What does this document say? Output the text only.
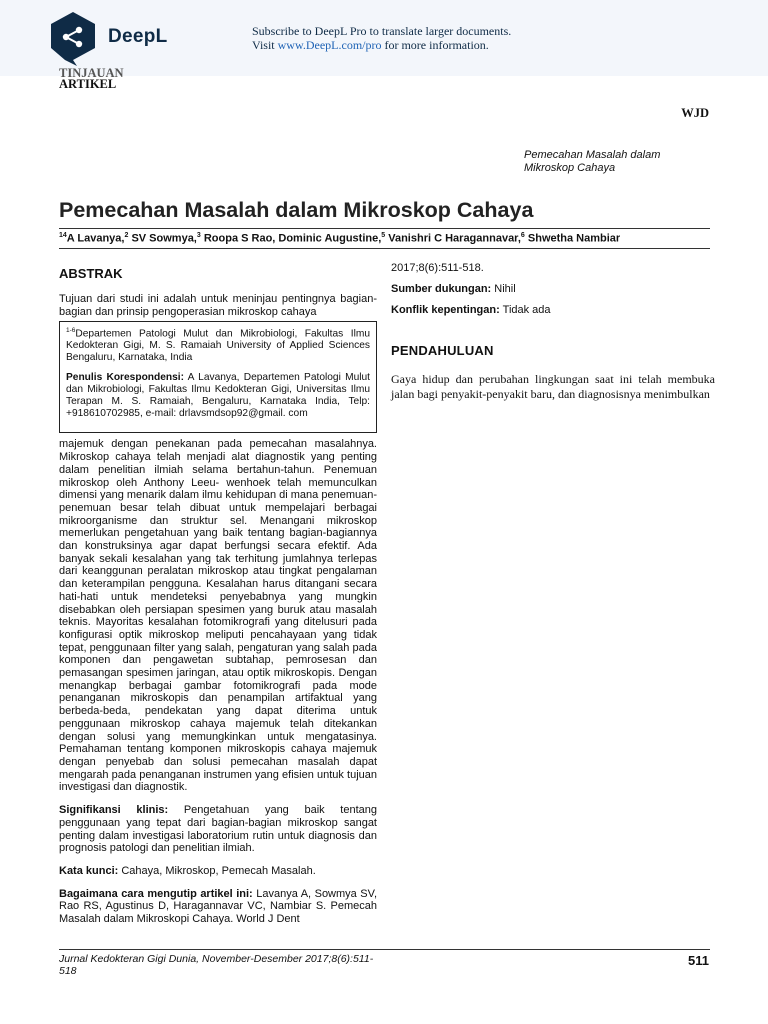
DeepL	Subscribe to DeepL Pro to translate larger documents.
Visit www.DeepL.com/pro for more information.
TINJAUAN
ARTIKEL
WJD
Pemecahan Masalah dalam
Mikroskop Cahaya
Pemecahan Masalah dalam Mikroskop Cahaya
$^{14}$A Lavanya,$^2$ SV Sowmya,$^3$ Roopa S Rao, Dominic Augustine,$^5$ Vanishri C Haragannavar,$^6$ Shwetha Nambiar
ABSTRAK

Tujuan dari studi ini adalah untuk meninjau pentingnya bagian-bagian dan prinsip pengoperasian mikroskop cahaya

majemuk dengan penekanan pada pemecahan masalahnya. Mikroskop cahaya telah menjadi alat diagnostik yang penting dalam penelitian ilmiah selama bertahun-tahun. Penemuan mikroskop oleh Anthony Leeu- wenhoek telah memunculkan dimensi yang menarik dalam ilmu kehidupan di mana penemuan-penemuan besar telah dibuat untuk mempelajari berbagai mikroorganisme dan struktur sel. Menangani mikroskop memerlukan pengetahuan yang baik tentang bagian-bagiannya dan konstruksinya agar dapat berfungsi secara efektif. Ada banyak sekali kesalahan yang tak terhitung jumlahnya terlepas dari keanggunan peralatan mikroskop atau tingkat pengalaman dan keterampilan pengguna. Kesalahan harus ditangani secara hati-hati untuk mendeteksi penyebabnya yang mungkin disebabkan oleh persiapan spesimen yang buruk atau masalah teknis. Mayoritas kesalahan fotomikrografi yang ditelusuri pada konfigurasi optik mikroskop meliputi pencahayaan yang tidak tepat, penggunaan filter yang salah, pengaturan yang salah pada komponen dan pengawetan subtahap, pemrosesan dan pemasangan spesimen jaringan, atau optik mikroskopis. Dengan menangkap berbagai gambar fotomikrografi pada mode penanganan mikroskopis dan penampilan artifaktual yang berbeda-beda, pendekatan yang dapat diterima untuk penggunaan mikroskop cahaya majemuk telah ditekankan dengan solusi yang memungkinkan untuk mengatasinya. Pemahaman tentang komponen mikroskopis cahaya majemuk dengan penyebab dan solusi pemecahan masalah dapat mengarah pada penanganan instrumen yang efisien untuk tujuan investigasi dan diagnostik.

Signifikansi klinis: Pengetahuan yang baik tentang penggunaan yang tepat dari bagian-bagian mikroskop sangat penting dalam investigasi laboratorium rutin untuk diagnosis dan prognosis patologi dan penelitian ilmiah.

Kata kunci: Cahaya, Mikroskop, Pemecah Masalah.

Bagaimana cara mengutip artikel ini: Lavanya A, Sowmya SV, Rao RS, Agustinus D, Haragannavar VC, Nambiar S. Pemecah Masalah dalam Mikroskopi Cahaya. World J Dent

$^{1-6}$Departemen Patologi Mulut dan Mikrobiologi, Fakultas Ilmu Kedokteran Gigi, M. S. Ramaiah University of Applied Sciences Bengaluru, Karnataka, India

Penulis Korespondensi: A Lavanya, Departemen Patologi Mulut dan Mikrobiologi, Fakultas Ilmu Kedokteran Gigi, Universitas Ilmu Terapan M. S. Ramaiah, Bengaluru, Karnataka India, Telp: +918610702985, e-mail: drlavsmdsop92@gmail. com

2017;8(6):511-518.

Sumber dukungan: Nihil

Konflik kepentingan: Tidak ada

PENDAHULUAN

Gaya hidup dan perubahan lingkungan saat ini telah membuka jalan bagi penyakit-penyakit baru, dan diagnosisnya menimbulkan

Jurnal Kedokteran Gigi Dunia, November-Desember 2017;8(6):511-518
511
